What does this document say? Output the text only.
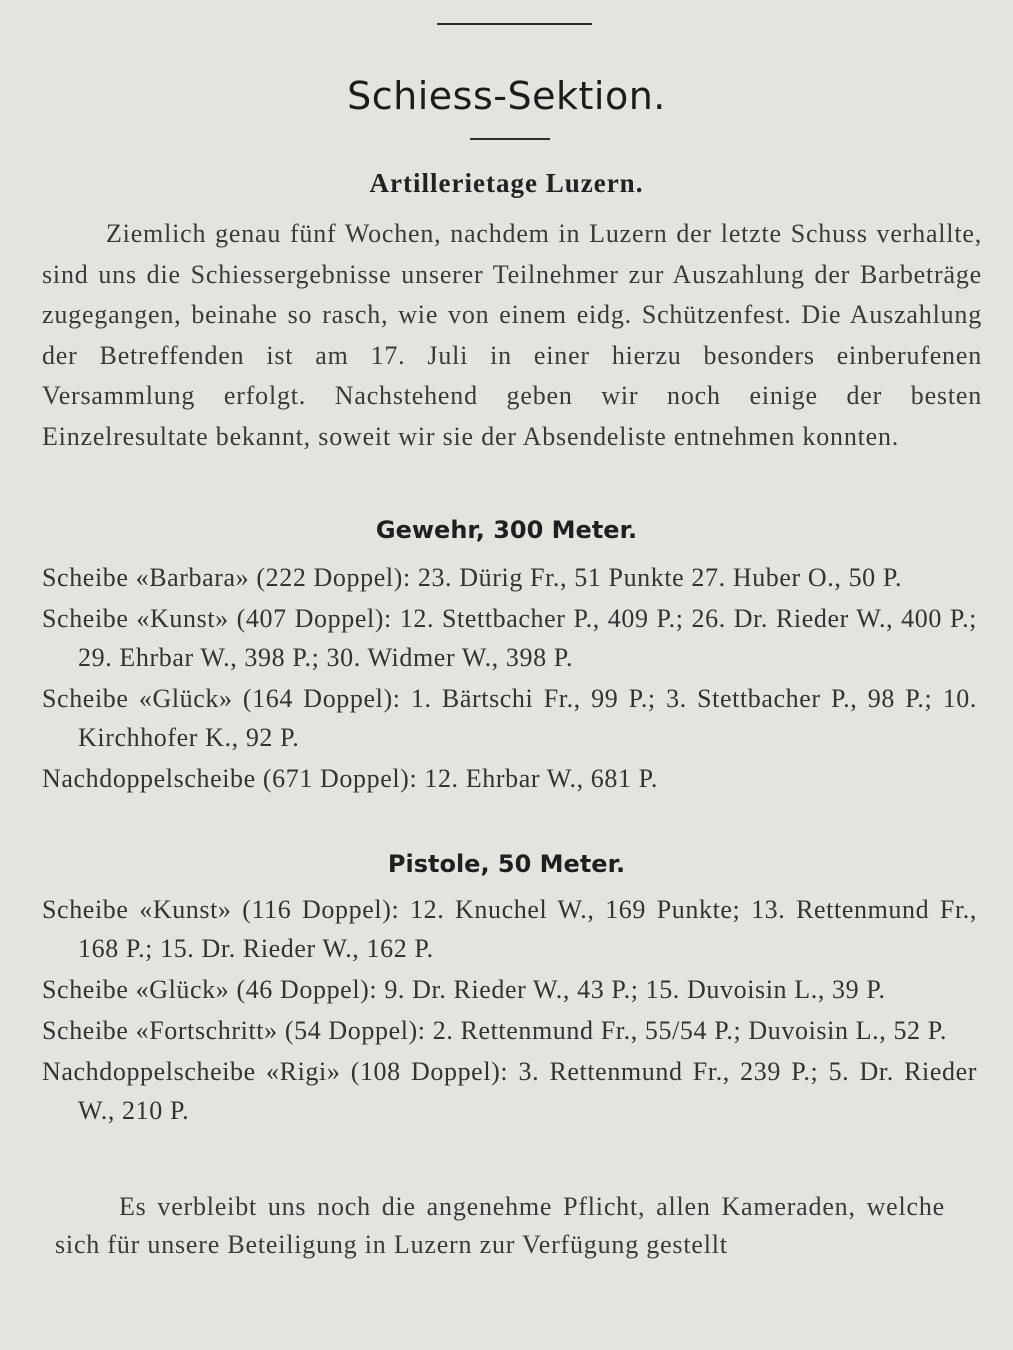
Schiess-Sektion.
Artillerietage Luzern.

Ziemlich genau fünf Wochen, nachdem in Luzern der letzte Schuss verhallte, sind uns die Schiessergebnisse unserer Teilnehmer zur Auszahlung der Barbeträge zugegangen, beinahe so rasch, wie von einem eidg. Schützenfest. Die Auszahlung der Betreffenden ist am 17. Juli in einer hierzu besonders einberufenen Versammlung erfolgt. Nachstehend geben wir noch einige der besten Einzelresultate bekannt, soweit wir sie der Absendeliste entnehmen konnten.

Gewehr, 300 Meter.

Scheibe «Barbara» (222 Doppel): 23. Dürig Fr., 51 Punkte 27. Huber O., 50 P.

Scheibe «Kunst» (407 Doppel): 12. Stettbacher P., 409 P.; 26. Dr. Rieder W., 400 P.; 29. Ehrbar W., 398 P.; 30. Widmer W., 398 P.

Scheibe «Glück» (164 Doppel): 1. Bärtschi Fr., 99 P.; 3. Stettbacher P., 98 P.; 10. Kirchhofer K., 92 P.

Nachdoppelscheibe (671 Doppel): 12. Ehrbar W., 681 P.

Pistole, 50 Meter.

Scheibe «Kunst» (116 Doppel): 12. Knuchel W., 169 Punkte; 13. Rettenmund Fr., 168 P.; 15. Dr. Rieder W., 162 P.

Scheibe «Glück» (46 Doppel): 9. Dr. Rieder W., 43 P.; 15. Duvoisin L., 39 P.

Scheibe «Fortschritt» (54 Doppel): 2. Rettenmund Fr., 55/54 P.; Duvoisin L., 52 P.

Nachdoppelscheibe «Rigi» (108 Doppel): 3. Rettenmund Fr., 239 P.; 5. Dr. Rieder W., 210 P.

Es verbleibt uns noch die angenehme Pflicht, allen Kameraden, welche sich für unsere Beteiligung in Luzern zur Verfügung gestellt
